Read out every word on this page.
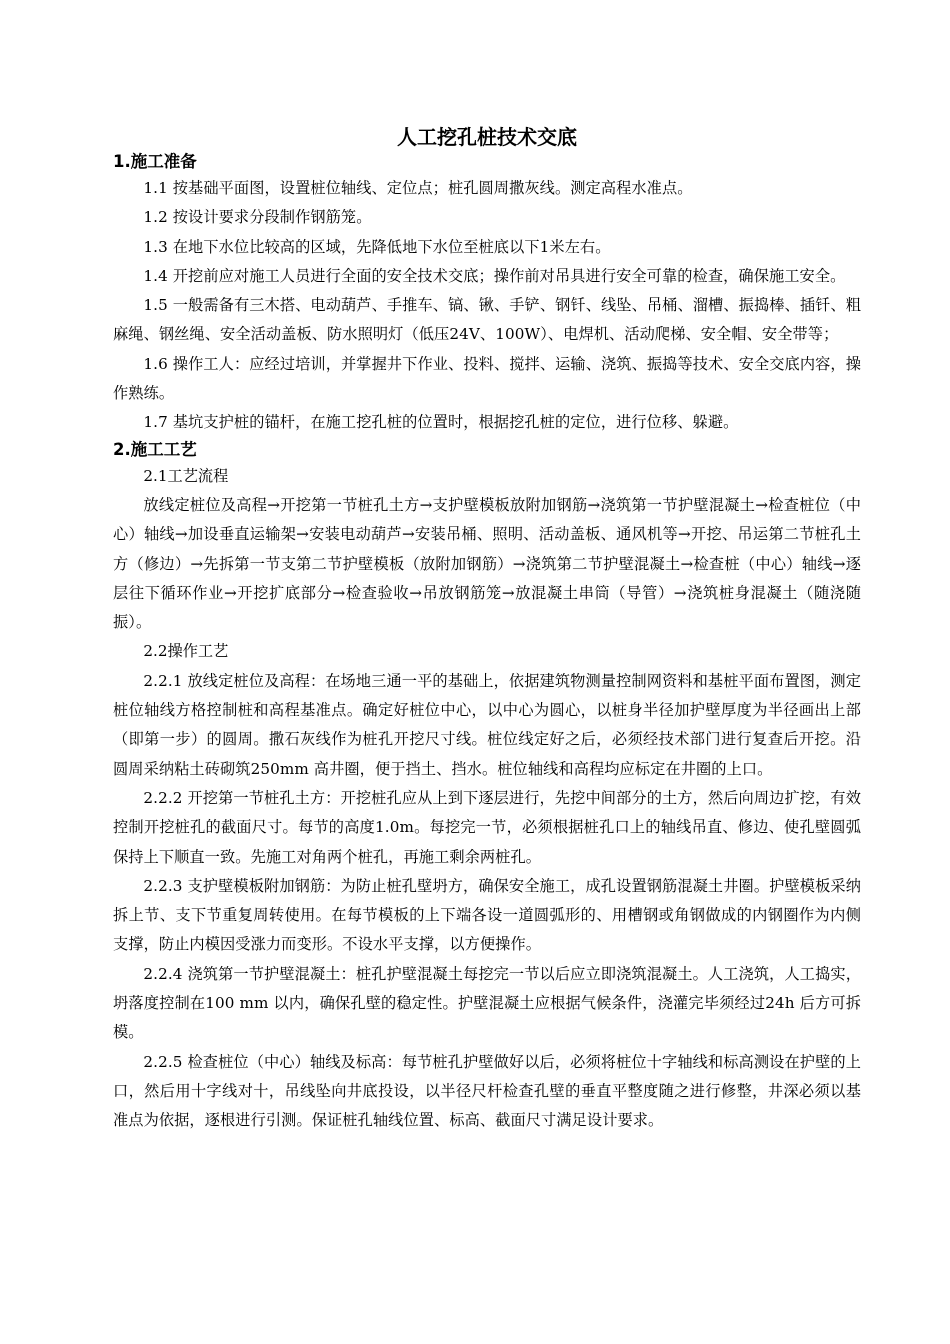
人工挖孔桩技术交底
1.施工准备

1.1 按基础平面图，设置桩位轴线、定位点；桩孔圆周撒灰线。测定高程水准点。

1.2 按设计要求分段制作钢筋笼。

1.3 在地下水位比较高的区域，先降低地下水位至桩底以下1米左右。

1.4 开挖前应对施工人员进行全面的安全技术交底；操作前对吊具进行安全可靠的检查，确保施工安全。

1.5 一般需备有三木搭、电动葫芦、手推车、镐、锹、手铲、钢钎、线坠、吊桶、溜槽、振捣棒、插钎、粗麻绳、钢丝绳、安全活动盖板、防水照明灯（低压24V、100W）、电焊机、活动爬梯、安全帽、安全带等；

1.6 操作工人：应经过培训，并掌握井下作业、投料、搅拌、运输、浇筑、振捣等技术、安全交底内容，操作熟练。

1.7 基坑支护桩的锚杆，在施工挖孔桩的位置时，根据挖孔桩的定位，进行位移、躲避。

2.施工工艺

2.1工艺流程

放线定桩位及高程→开挖第一节桩孔土方→支护壁模板放附加钢筋→浇筑第一节护壁混凝土→检查桩位（中心）轴线→加设垂直运输架→安装电动葫芦→安装吊桶、照明、活动盖板、通风机等→开挖、吊运第二节桩孔土方（修边）→先拆第一节支第二节护壁模板（放附加钢筋）→浇筑第二节护壁混凝土→检查桩（中心）轴线→逐层往下循环作业→开挖扩底部分→检查验收→吊放钢筋笼→放混凝土串筒（导管）→浇筑桩身混凝土（随浇随振）。

2.2操作工艺

2.2.1 放线定桩位及高程：在场地三通一平的基础上，依据建筑物测量控制网资料和基桩平面布置图，测定桩位轴线方格控制桩和高程基准点。确定好桩位中心，以中心为圆心，以桩身半径加护壁厚度为半径画出上部（即第一步）的圆周。撒石灰线作为桩孔开挖尺寸线。桩位线定好之后，必须经技术部门进行复查后开挖。沿圆周采纳粘土砖砌筑250mm 高井圈，便于挡土、挡水。桩位轴线和高程均应标定在井圈的上口。

2.2.2 开挖第一节桩孔土方：开挖桩孔应从上到下逐层进行，先挖中间部分的土方，然后向周边扩挖，有效控制开挖桩孔的截面尺寸。每节的高度1.0m。每挖完一节，必须根据桩孔口上的轴线吊直、修边、使孔壁圆弧保持上下顺直一致。先施工对角两个桩孔，再施工剩余两桩孔。

2.2.3 支护壁模板附加钢筋：为防止桩孔壁坍方，确保安全施工，成孔设置钢筋混凝土井圈。护壁模板采纳拆上节、支下节重复周转使用。在每节模板的上下端各设一道圆弧形的、用槽钢或角钢做成的内钢圈作为内侧支撑，防止内模因受涨力而变形。不设水平支撑，以方便操作。

2.2.4 浇筑第一节护壁混凝土：桩孔护壁混凝土每挖完一节以后应立即浇筑混凝土。人工浇筑，人工捣实，坍落度控制在100 mm 以内，确保孔壁的稳定性。护壁混凝土应根据气候条件，浇灌完毕须经过24h 后方可拆模。

2.2.5 检查桩位（中心）轴线及标高：每节桩孔护壁做好以后，必须将桩位十字轴线和标高测设在护壁的上口，然后用十字线对十，吊线坠向井底投设，以半径尺杆检查孔壁的垂直平整度随之进行修整，井深必须以基准点为依据，逐根进行引测。保证桩孔轴线位置、标高、截面尺寸满足设计要求。
